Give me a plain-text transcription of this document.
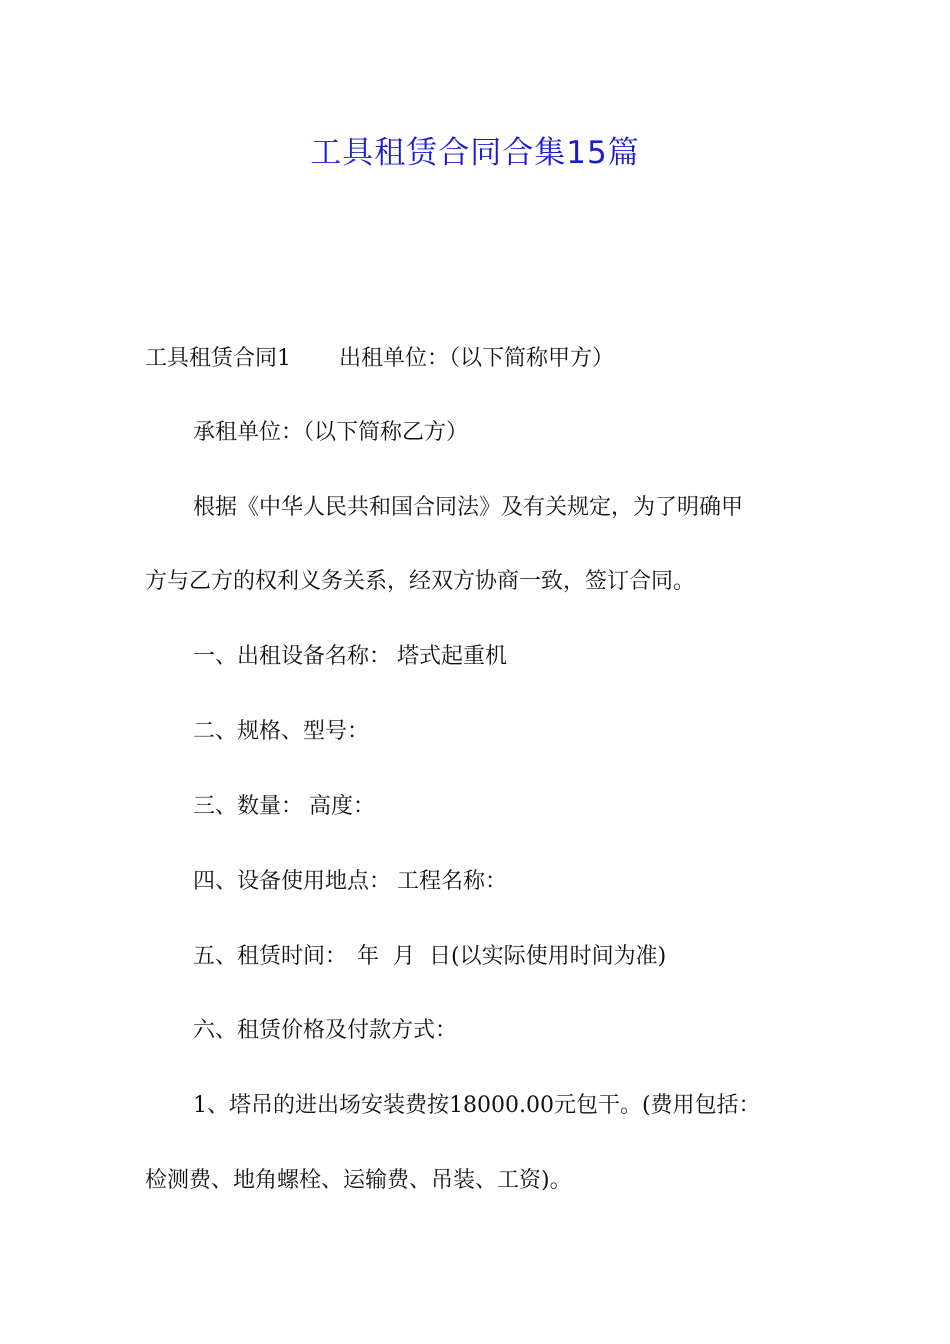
工具租赁合同合集15篇
工具租赁合同1 出租单位：（以下简称甲方）
承租单位：（以下简称乙方）
根据《中华人民共和国合同法》及有关规定，为了明确甲
方与乙方的权利义务关系，经双方协商一致，签订合同。
一、出租设备名称： 塔式起重机
二、规格、型号：
三、数量： 高度：
四、设备使用地点： 工程名称：
五、租赁时间： 年  月  日(以实际使用时间为准)
六、租赁价格及付款方式：
1、塔吊的进出场安装费按18000.00元包干。(费用包括：
检测费、地角螺栓、运输费、吊装、工资)。
